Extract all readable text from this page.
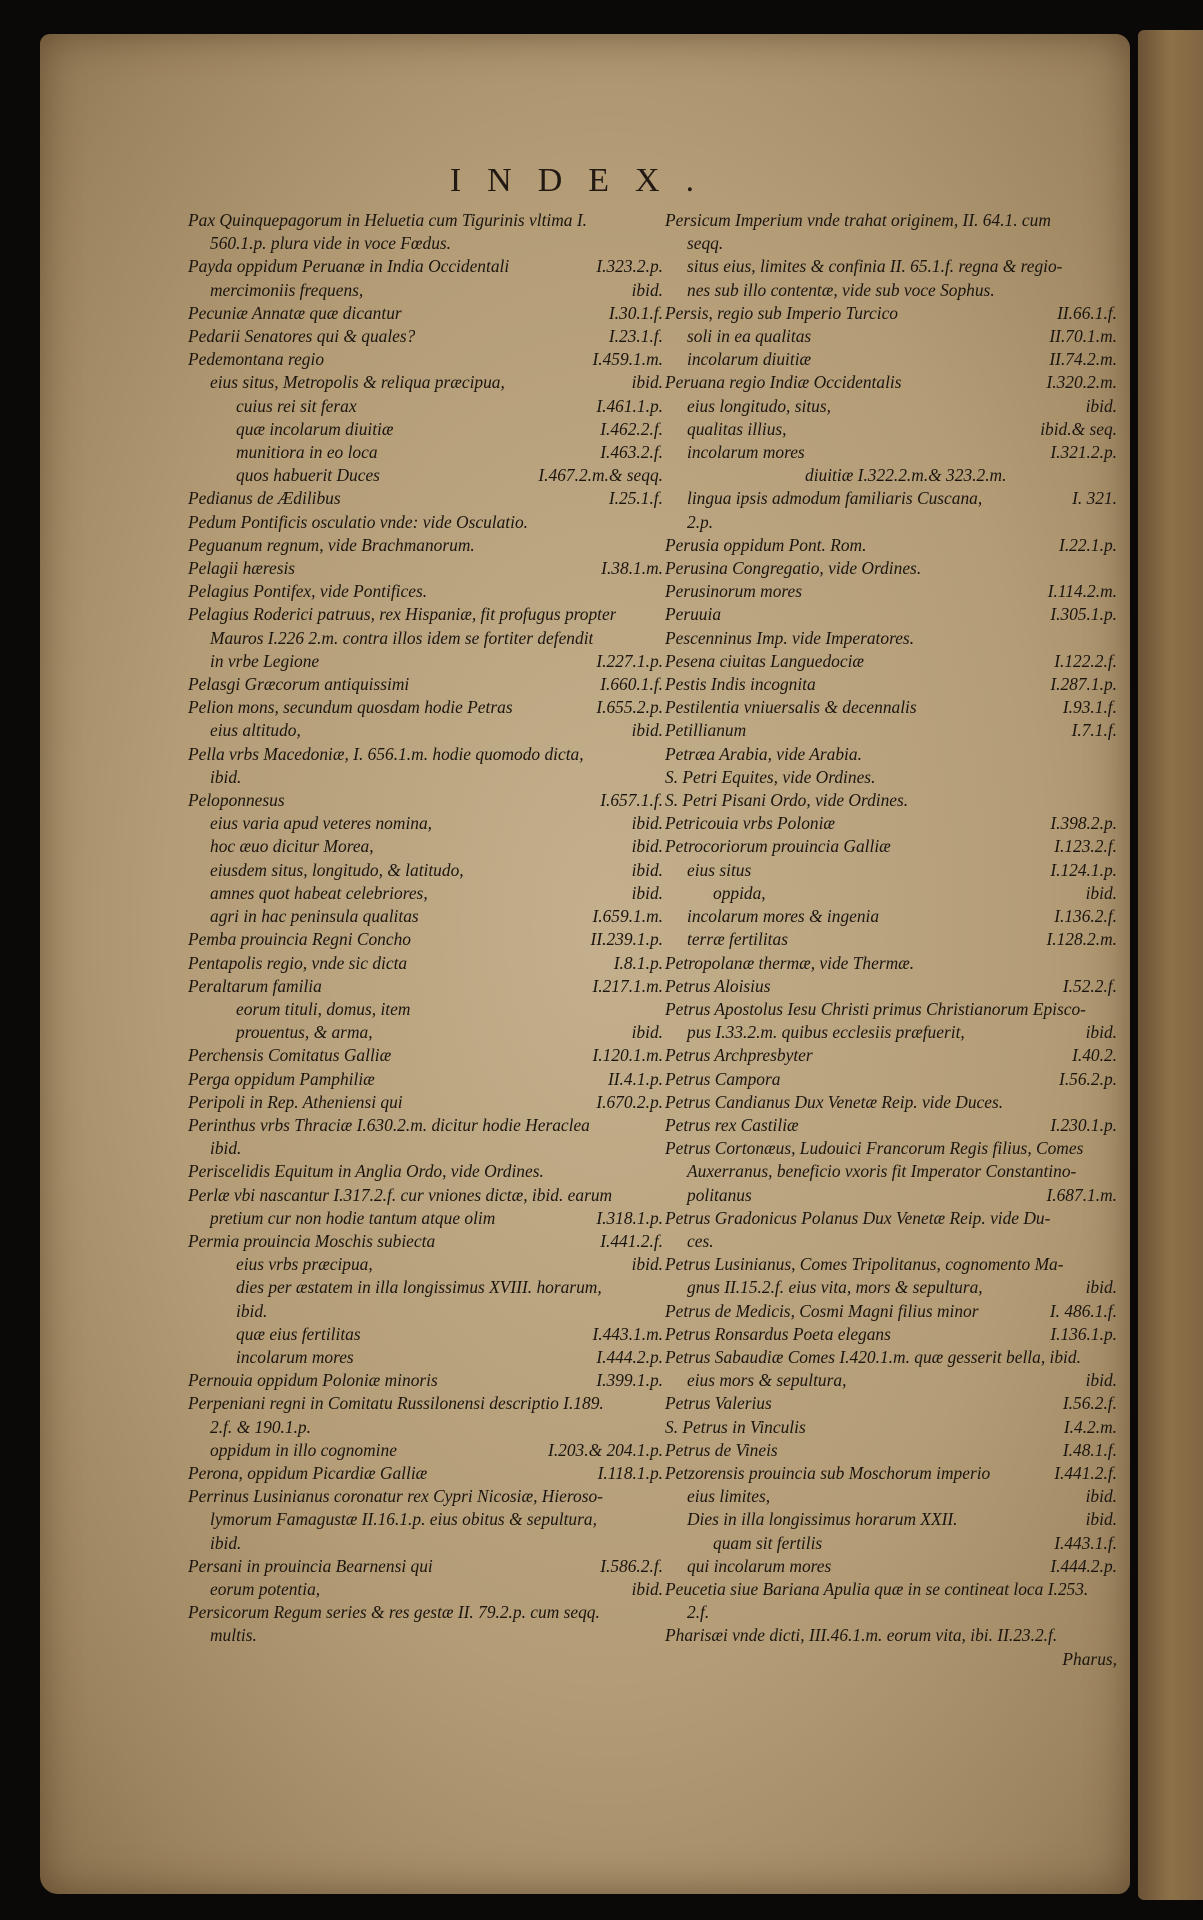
INDEX.
Pax Quinquepagorum in Heluetia cum Tigurinis vltima I.
560.1.p. plura vide in voce Fœdus.
Payda oppidum Peruanæ in India Occidentali	I.323.2.p.
mercimoniis frequens,	ibid.
Pecuniæ Annatæ quæ dicantur	I.30.1.f.
Pedarii Senatores qui & quales?	I.23.1.f.
Pedemontana regio	I.459.1.m.
eius situs, Metropolis & reliqua præcipua,	ibid.
cuius rei sit ferax	I.461.1.p.
quæ incolarum diuitiæ	I.462.2.f.
munitiora in eo loca	I.463.2.f.
quos habuerit Duces	I.467.2.m.& seqq.
Pedianus de Ædilibus	I.25.1.f.
Pedum Pontificis osculatio vnde: vide Osculatio.
Peguanum regnum, vide Brachmanorum.
Pelagii hæresis	I.38.1.m.
Pelagius Pontifex, vide Pontifices.
Pelagius Roderici patruus, rex Hispaniæ, fit profugus propter
Mauros I.226 2.m. contra illos idem se fortiter defendit
in vrbe Legione	I.227.1.p.
Pelasgi Græcorum antiquissimi	I.660.1.f.
Pelion mons, secundum quosdam hodie Petras	I.655.2.p.
eius altitudo,	ibid.
Pella vrbs Macedoniæ, I. 656.1.m. hodie quomodo dicta,
ibid.
Peloponnesus	I.657.1.f.
eius varia apud veteres nomina,	ibid.
hoc æuo dicitur Morea,	ibid.
eiusdem situs, longitudo, & latitudo,	ibid.
amnes quot habeat celebriores,	ibid.
agri in hac peninsula qualitas	I.659.1.m.
Pemba prouincia Regni Concho	II.239.1.p.
Pentapolis regio, vnde sic dicta	I.8.1.p.
Peraltarum familia	I.217.1.m.
eorum tituli, domus, item
prouentus, & arma,	ibid.
Perchensis Comitatus Galliæ	I.120.1.m.
Perga oppidum Pamphiliæ	II.4.1.p.
Peripoli in Rep. Atheniensi qui	I.670.2.p.
Perinthus vrbs Thraciæ I.630.2.m. dicitur hodie Heraclea
ibid.
Periscelidis Equitum in Anglia Ordo, vide Ordines.
Perlæ vbi nascantur I.317.2.f. cur vniones dictæ, ibid. earum
pretium cur non hodie tantum atque olim	I.318.1.p.
Permia prouincia Moschis subiecta	I.441.2.f.
eius vrbs præcipua,	ibid.
dies per æstatem in illa longissimus XVIII. horarum,
ibid.
quæ eius fertilitas	I.443.1.m.
incolarum mores	I.444.2.p.
Pernouia oppidum Poloniæ minoris	I.399.1.p.
Perpeniani regni in Comitatu Russilonensi descriptio I.189.
2.f. & 190.1.p.
oppidum in illo cognomine	I.203.& 204.1.p.
Perona, oppidum Picardiæ Galliæ	I.118.1.p.
Perrinus Lusinianus coronatur rex Cypri Nicosiæ, Hieroso-
lymorum Famagustæ II.16.1.p. eius obitus & sepultura,
ibid.
Persani in prouincia Bearnensi qui	I.586.2.f.
eorum potentia,	ibid.
Persicorum Regum series & res gestæ II. 79.2.p. cum seqq.
multis.
Persicum Imperium vnde trahat originem, II. 64.1. cum
seqq.
situs eius, limites & confinia II. 65.1.f. regna & regio-
nes sub illo contentæ, vide sub voce Sophus.
Persis, regio sub Imperio Turcico	II.66.1.f.
soli in ea qualitas	II.70.1.m.
incolarum diuitiæ	II.74.2.m.
Peruana regio Indiæ Occidentalis	I.320.2.m.
eius longitudo, situs,	ibid.
qualitas illius,	ibid.& seq.
incolarum mores	I.321.2.p.
diuitiæ I.322.2.m.& 323.2.m.
lingua ipsis admodum familiaris Cuscana,	I. 321.
2.p.
Perusia oppidum Pont. Rom.	I.22.1.p.
Perusina Congregatio, vide Ordines.
Perusinorum mores	I.114.2.m.
Peruuia	I.305.1.p.
Pescenninus Imp. vide Imperatores.
Pesena ciuitas Languedociæ	I.122.2.f.
Pestis Indis incognita	I.287.1.p.
Pestilentia vniuersalis & decennalis	I.93.1.f.
Petillianum	I.7.1.f.
Petræa Arabia, vide Arabia.
S. Petri Equites, vide Ordines.
S. Petri Pisani Ordo, vide Ordines.
Petricouia vrbs Poloniæ	I.398.2.p.
Petrocoriorum prouincia Galliæ	I.123.2.f.
eius situs	I.124.1.p.
oppida,	ibid.
incolarum mores & ingenia	I.136.2.f.
terræ fertilitas	I.128.2.m.
Petropolanæ thermæ, vide Thermæ.
Petrus Aloisius	I.52.2.f.
Petrus Apostolus Iesu Christi primus Christianorum Episco-
pus I.33.2.m. quibus ecclesiis præfuerit,	ibid.
Petrus Archpresbyter	I.40.2.
Petrus Campora	I.56.2.p.
Petrus Candianus Dux Venetæ Reip. vide Duces.
Petrus rex Castiliæ	I.230.1.p.
Petrus Cortonæus, Ludouici Francorum Regis filius, Comes
Auxerranus, beneficio vxoris fit Imperator Constantino-
politanus	I.687.1.m.
Petrus Gradonicus Polanus Dux Venetæ Reip. vide Du-
ces.
Petrus Lusinianus, Comes Tripolitanus, cognomento Ma-
gnus II.15.2.f. eius vita, mors & sepultura,	ibid.
Petrus de Medicis, Cosmi Magni filius minor	I. 486.1.f.
Petrus Ronsardus Poeta elegans	I.136.1.p.
Petrus Sabaudiæ Comes I.420.1.m. quæ gesserit bella, ibid.
eius mors & sepultura,	ibid.
Petrus Valerius	I.56.2.f.
S. Petrus in Vinculis	I.4.2.m.
Petrus de Vineis	I.48.1.f.
Petzorensis prouincia sub Moschorum imperio	I.441.2.f.
eius limites,	ibid.
Dies in illa longissimus horarum XXII.	ibid.
quam sit fertilis	I.443.1.f.
qui incolarum mores	I.444.2.p.
Peucetia siue Bariana Apulia quæ in se contineat loca I.253.
2.f.
Pharisæi vnde dicti, III.46.1.m. eorum vita, ibi. II.23.2.f.
Pharus,
